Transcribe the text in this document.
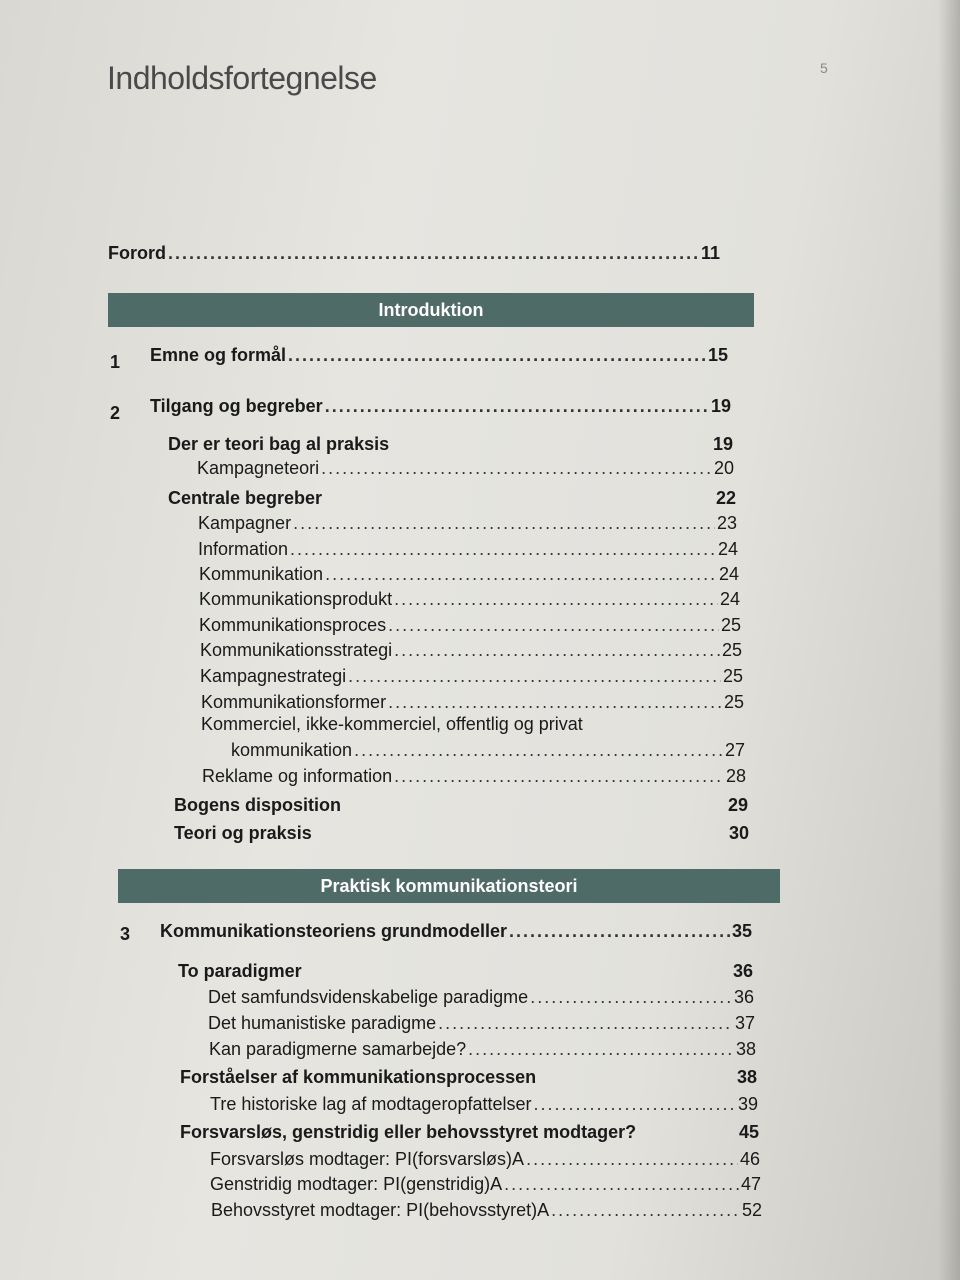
Indholdsfortegnelse	5
Forord .....	11
Introduktion
1 Emne og formål .....	15
2 Tilgang og begreber .....	19
Der er teori bag al praksis	19
Kampagneteori .....	20
Centrale begreber	22
Kampagner .....	23
Information .....	24
Kommunikation .....	24
Kommunikationsprodukt .....	24
Kommunikationsproces .....	25
Kommunikationsstrategi .....	25
Kampagnestrategi .....	25
Kommunikationsformer .....	25
Kommerciel, ikke-kommerciel, offentlig og privat
kommunikation .....	27
Reklame og information .....	28
Bogens disposition	29
Teori og praksis	30
Praktisk kommunikationsteori
3 Kommunikationsteoriens grundmodeller .....	35
To paradigmer	36
Det samfundsvidenskabelige paradigme .....	36
Det humanistiske paradigme .....	37
Kan paradigmerne samarbejde? .....	38
Forståelser af kommunikationsprocessen	38
Tre historiske lag af modtageropfattelser .....	39
Forsvarsløs, genstridig eller behovsstyret modtager?	45
Forsvarsløs modtager: PI(forsvarsløs)A .....	46
Genstridig modtager: PI(genstridig)A .....	47
Behovsstyret modtager: PI(behovsstyret)A .....	52
